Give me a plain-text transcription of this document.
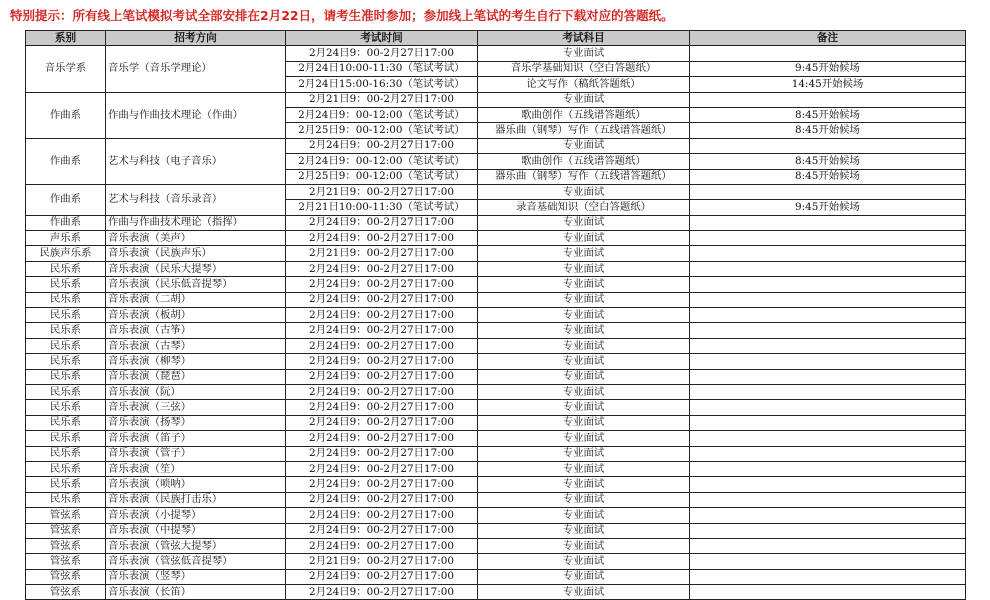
特别提示：所有线上笔试模拟考试全部安排在2月22日，请考生准时参加；参加线上笔试的考生自行下载对应的答题纸。
系别	招考方向	考试时间	考试科目	备注
音乐学系	音乐学（音乐学理论）	2月24日9：00-2月27日17:00	专业面试	
		2月24日10:00-11:30（笔试考试）	音乐学基础知识（空白答题纸）	9:45开始候场
		2月24日15:00-16:30（笔试考试）	论文写作（稿纸答题纸）	14:45开始候场
作曲系	作曲与作曲技术理论（作曲）	2月21日9：00-2月27日17:00	专业面试	
		2月24日9：00-12:00（笔试考试）	歌曲创作（五线谱答题纸）	8:45开始候场
		2月25日9：00-12:00（笔试考试）	器乐曲（钢琴）写作（五线谱答题纸）	8:45开始候场
作曲系	艺术与科技（电子音乐）	2月24日9：00-2月27日17:00	专业面试	
		2月24日9：00-12:00（笔试考试）	歌曲创作（五线谱答题纸）	8:45开始候场
		2月25日9：00-12:00（笔试考试）	器乐曲（钢琴）写作（五线谱答题纸）	8:45开始候场
作曲系	艺术与科技（音乐录音）	2月21日9：00-2月27日17:00	专业面试	
		2月21日10:00-11:30（笔试考试）	录音基础知识（空白答题纸）	9:45开始候场
作曲系	作曲与作曲技术理论（指挥）	2月24日9：00-2月27日17:00	专业面试	
声乐系	音乐表演（美声）	2月24日9：00-2月27日17:00	专业面试	
民族声乐系	音乐表演（民族声乐）	2月21日9：00-2月27日17:00	专业面试	
民乐系	音乐表演（民乐大提琴）	2月24日9：00-2月27日17:00	专业面试	
民乐系	音乐表演（民乐低音提琴）	2月24日9：00-2月27日17:00	专业面试	
民乐系	音乐表演（二胡）	2月24日9：00-2月27日17:00	专业面试	
民乐系	音乐表演（板胡）	2月24日9：00-2月27日17:00	专业面试	
民乐系	音乐表演（古筝）	2月24日9：00-2月27日17:00	专业面试	
民乐系	音乐表演（古琴）	2月24日9：00-2月27日17:00	专业面试	
民乐系	音乐表演（柳琴）	2月24日9：00-2月27日17:00	专业面试	
民乐系	音乐表演（琵琶）	2月24日9：00-2月27日17:00	专业面试	
民乐系	音乐表演（阮）	2月24日9：00-2月27日17:00	专业面试	
民乐系	音乐表演（三弦）	2月24日9：00-2月27日17:00	专业面试	
民乐系	音乐表演（扬琴）	2月24日9：00-2月27日17:00	专业面试	
民乐系	音乐表演（笛子）	2月24日9：00-2月27日17:00	专业面试	
民乐系	音乐表演（管子）	2月24日9：00-2月27日17:00	专业面试	
民乐系	音乐表演（笙）	2月24日9：00-2月27日17:00	专业面试	
民乐系	音乐表演（唢呐）	2月24日9：00-2月27日17:00	专业面试	
民乐系	音乐表演（民族打击乐）	2月24日9：00-2月27日17:00	专业面试	
管弦系	音乐表演（小提琴）	2月24日9：00-2月27日17:00	专业面试	
管弦系	音乐表演（中提琴）	2月24日9：00-2月27日17:00	专业面试	
管弦系	音乐表演（管弦大提琴）	2月24日9：00-2月27日17:00	专业面试	
管弦系	音乐表演（管弦低音提琴）	2月21日9：00-2月27日17:00	专业面试	
管弦系	音乐表演（竖琴）	2月24日9：00-2月27日17:00	专业面试	
管弦系	音乐表演（长笛）	2月24日9：00-2月27日17:00	专业面试	
